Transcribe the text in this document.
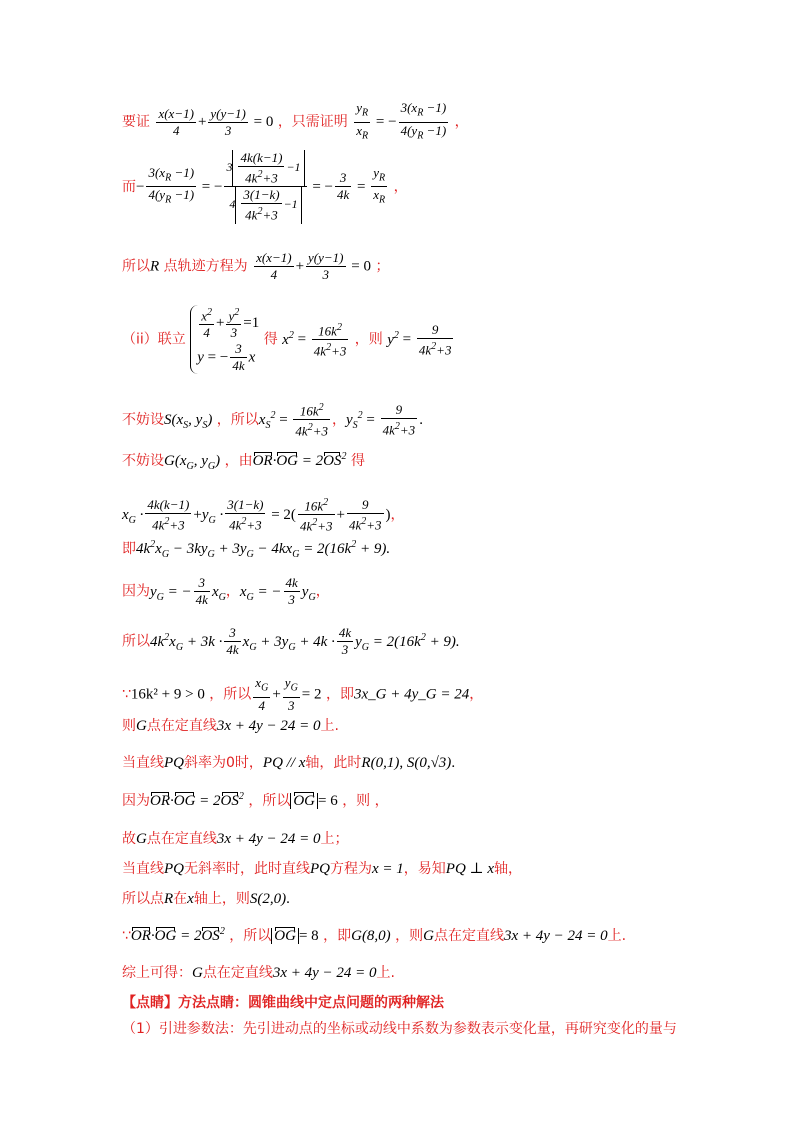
要证 $\frac{x(x-1)}{4} + \frac{y(y-1)}{3} = 0$ ，只需证明 $\frac{y_R}{x_R}$ = − $\frac{3(x_R -1)}{4(y_R -1)}$ ，
而− $\frac{3(x_R -1)}{4(y_R -1)}$ = − $\frac{3 \frac{4k(k-1)}{4k^2+3} -1}{4 \frac{3(1-k)}{4k^2+3} -1}$ = − $\frac{3}{4k} = \frac{y_R}{x_R}$ ，
所以R 点轨迹方程为 $\frac{x(x-1)}{4} + \frac{y(y-1)}{3} = 0$ ；
（ii）联立 $\frac{x^2}{4} + \frac{y^2}{3} =1$
y = − $\frac{3}{4k}$ x
得 $x^2 = \frac{16k^2}{4k^2+3}$ ，则 $y^2 = \frac{9}{4k^2+3}$
不妨设$S(x_S$, $y_S$) ，所以$x_S^2 = \frac{16k^2}{4k^2+3}$ ，$y_S^2 = \frac{9}{4k^2+3}$ .
不妨设$G(x_G$, $y_G$) ，由$OR\cdot OG = 2OS^2$ 得
$x_G \cdot \frac{4k(k-1)}{4k^2+3} +y_G \cdot \frac{3(1-k)}{4k^2+3} = 2( \frac{16k^2}{4k^2+3} + \frac{9}{4k^2+3}$ )，
即$4k^2x_G - 3ky_G + 3y_G - 4kx_G = 2(16k^2 + 9)$.
因为$y_G$ = − $\frac{3}{4k} x_G$，$x_G$ = − $\frac{4k}{3} y_G$，
所以$4k^2x_G + 3k \cdot \frac{3}{4k} x_G + 3y_G + 4k \cdot \frac{4k}{3} y_G = 2(16k^2 + 9)$.
∵16k² + 9 > 0 ，所以 $\frac{x_G}{4} + \frac{y_G}{3} = 2$ ，即3x_G + 4y_G = 24，
则G点在定直线3x + 4y − 24 = 0上.
当直线PQ斜率为0时，PQ // x轴，此时R(0,1), S(0,√3).
因为$OR\cdot OG = 2OS^2$ ，所以 OG = 6 ，则 ，
故G点在定直线3x + 4y − 24 = 0上；
当直线PQ无斜率时，此时直线PQ方程为x = 1，易知PQ ⊥ x轴，
所以点R在x轴上，则S(2,0).
∵OR·OG = $2OS^2$ ，所以 OG = 8 ，即G(8,0) ，则G点在定直线3x + 4y − 24 = 0上.
综上可得：G点在定直线3x + 4y − 24 = 0上.
【点睛】方法点睛：圆锥曲线中定点问题的两种解法
（1）引进参数法：先引进动点的坐标或动线中系数为参数表示变化量，再研究变化的量与
